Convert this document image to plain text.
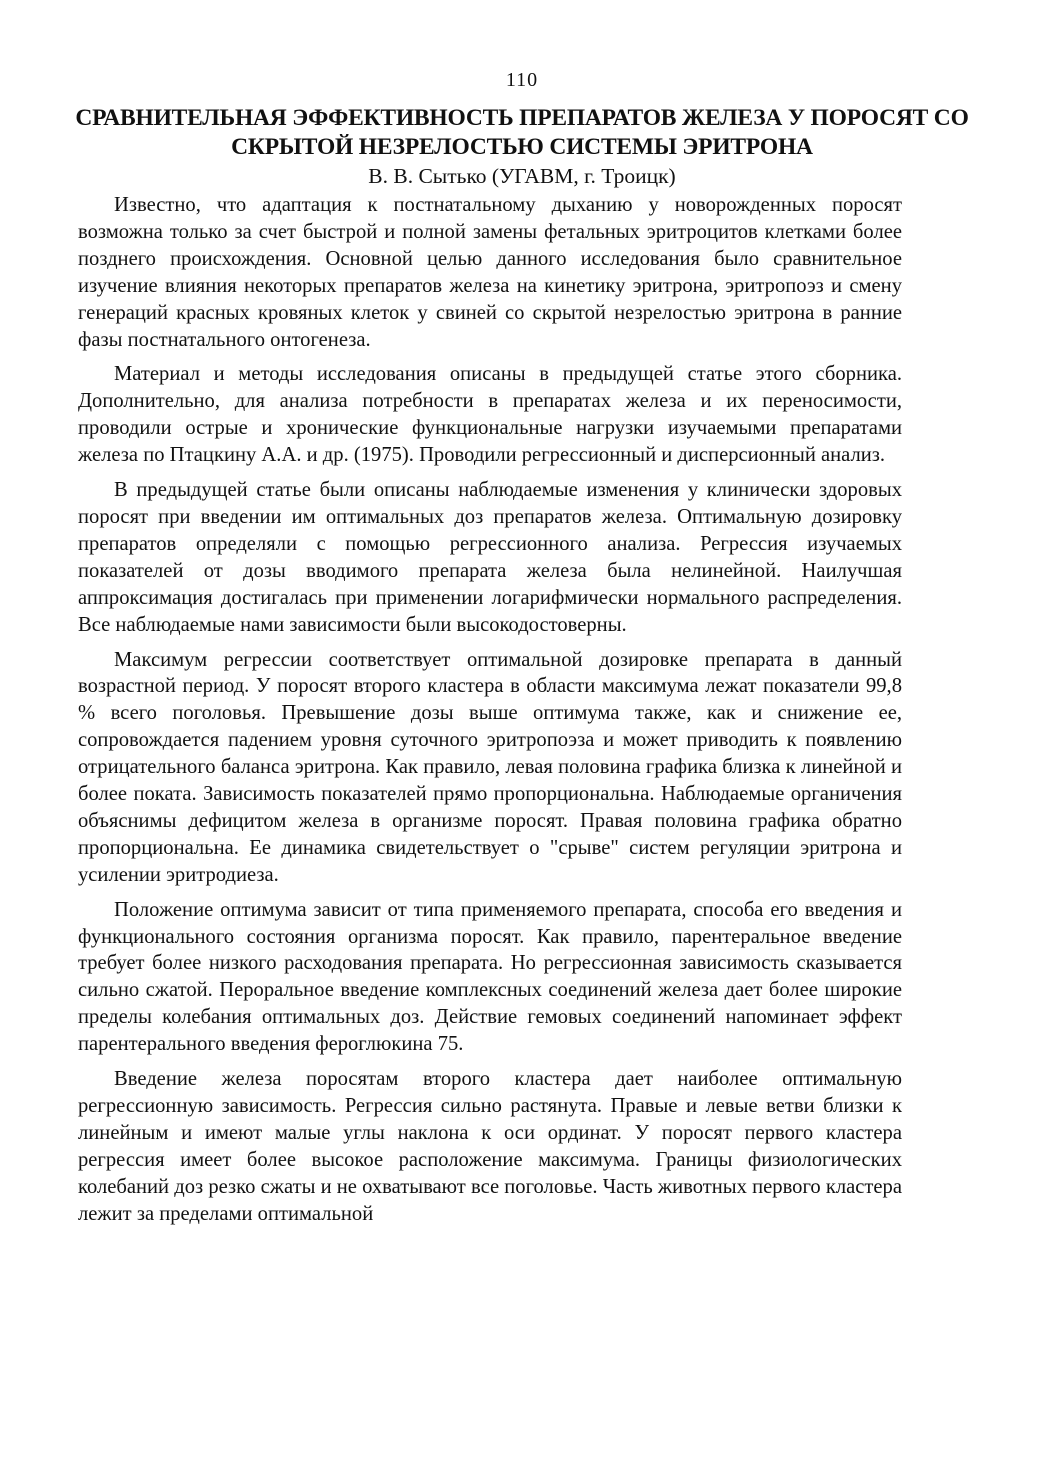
110
СРАВНИТЕЛЬНАЯ ЭФФЕКТИВНОСТЬ ПРЕПАРАТОВ ЖЕЛЕЗА У ПОРОСЯТ СО СКРЫТОЙ НЕЗРЕЛОСТЬЮ СИСТЕМЫ ЭРИТРОНА
В. В. Сытько (УГАВМ, г. Троицк)

Известно, что адаптация к постнатальному дыханию у новорожденных поросят возможна только за счет быстрой и полной замены фетальных эритроцитов клетками более позднего происхождения. Основной целью данного исследования было сравнительное изучение влияния некоторых препаратов железа на кинетику эритрона, эритропоэз и смену генераций красных кровяных клеток у свиней со скрытой незрелостью эритрона в ранние фазы постнатального онтогенеза.

Материал и методы исследования описаны в предыдущей статье этого сборника. Дополнительно, для анализа потребности в препаратах железа и их переносимости, проводили острые и хронические функциональные нагрузки изучаемыми препаратами железа по Птацкину А.А. и др. (1975). Проводили регрессионный и дисперсионный анализ.

В предыдущей статье были описаны наблюдаемые изменения у клинически здоровых поросят при введении им оптимальных доз препаратов железа. Оптимальную дозировку препаратов определяли с помощью регрессионного анализа. Регрессия изучаемых показателей от дозы вводимого препарата железа была нелинейной. Наилучшая аппроксимация достигалась при применении логарифмически нормального распределения. Все наблюдаемые нами зависимости были высокодостоверны.

Максимум регрессии соответствует оптимальной дозировке препарата в данный возрастной период. У поросят второго кластера в области максимума лежат показатели 99,8 % всего поголовья. Превышение дозы выше оптимума также, как и снижение ее, сопровождается падением уровня суточного эритропоэза и может приводить к появлению отрицательного баланса эритрона. Как правило, левая половина графика близка к линейной и более поката. Зависимость показателей прямо пропорциональна. Наблюдаемые органичения объяснимы дефицитом железа в организме поросят. Правая половина графика обратно пропорциональна. Ее динамика свидетельствует о "срыве" систем регуляции эритрона и усилении эритродиеза.

Положение оптимума зависит от типа применяемого препарата, способа его введения и функционального состояния организма поросят. Как правило, парентеральное введение требует более низкого расходования препарата. Но регрессионная зависимость сказывается сильно сжатой. Пероральное введение комплексных соединений железа дает более широкие пределы колебания оптимальных доз. Действие гемовых соединений напоминает эффект парентерального введения фероглюкина 75.

Введение железа поросятам второго кластера дает наиболее оптимальную регрессионную зависимость. Регрессия сильно растянута. Правые и левые ветви близки к линейным и имеют малые углы наклона к оси ординат. У поросят первого кластера регрессия имеет более высокое расположение максимума. Границы физиологических колебаний доз резко сжаты и не охватывают все поголовье. Часть животных первого кластера лежит за пределами оптимальной
